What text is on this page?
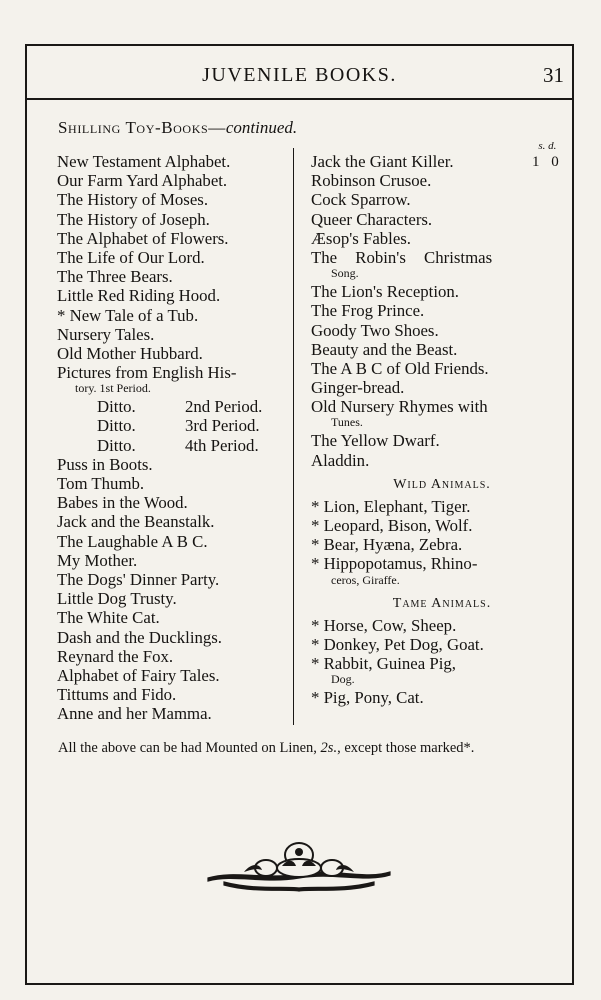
JUVENILE BOOKS.	31
Shilling Toy-Books—continued.
s. d.
1 0
New Testament Alphabet.
Our Farm Yard Alphabet.
The History of Moses.
The History of Joseph.
The Alphabet of Flowers.
The Life of Our Lord.
The Three Bears.
Little Red Riding Hood.
* New Tale of a Tub.
Nursery Tales.
Old Mother Hubbard.
Pictures from English His-
tory. 1st Period.
Ditto.	2nd Period.
Ditto.	3rd Period.
Ditto.	4th Period.
Puss in Boots.
Tom Thumb.
Babes in the Wood.
Jack and the Beanstalk.
The Laughable A B C.
My Mother.
The Dogs' Dinner Party.
Little Dog Trusty.
The White Cat.
Dash and the Ducklings.
Reynard the Fox.
Alphabet of Fairy Tales.
Tittums and Fido.
Anne and her Mamma.
Jack the Giant Killer.
Robinson Crusoe.
Cock Sparrow.
Queer Characters.
Æsop's Fables.
The Robin's Christmas
Song.
The Lion's Reception.
The Frog Prince.
Goody Two Shoes.
Beauty and the Beast.
The A B C of Old Friends.
Ginger-bread.
Old Nursery Rhymes with
Tunes.
The Yellow Dwarf.
Aladdin.
Wild Animals.
* Lion, Elephant, Tiger.
* Leopard, Bison, Wolf.
* Bear, Hyæna, Zebra.
* Hippopotamus, Rhino-
ceros, Giraffe.
Tame Animals.
* Horse, Cow, Sheep.
* Donkey, Pet Dog, Goat.
* Rabbit, Guinea Pig,
Dog.
* Pig, Pony, Cat.
All the above can be had Mounted on Linen, 2s., except those marked*.
